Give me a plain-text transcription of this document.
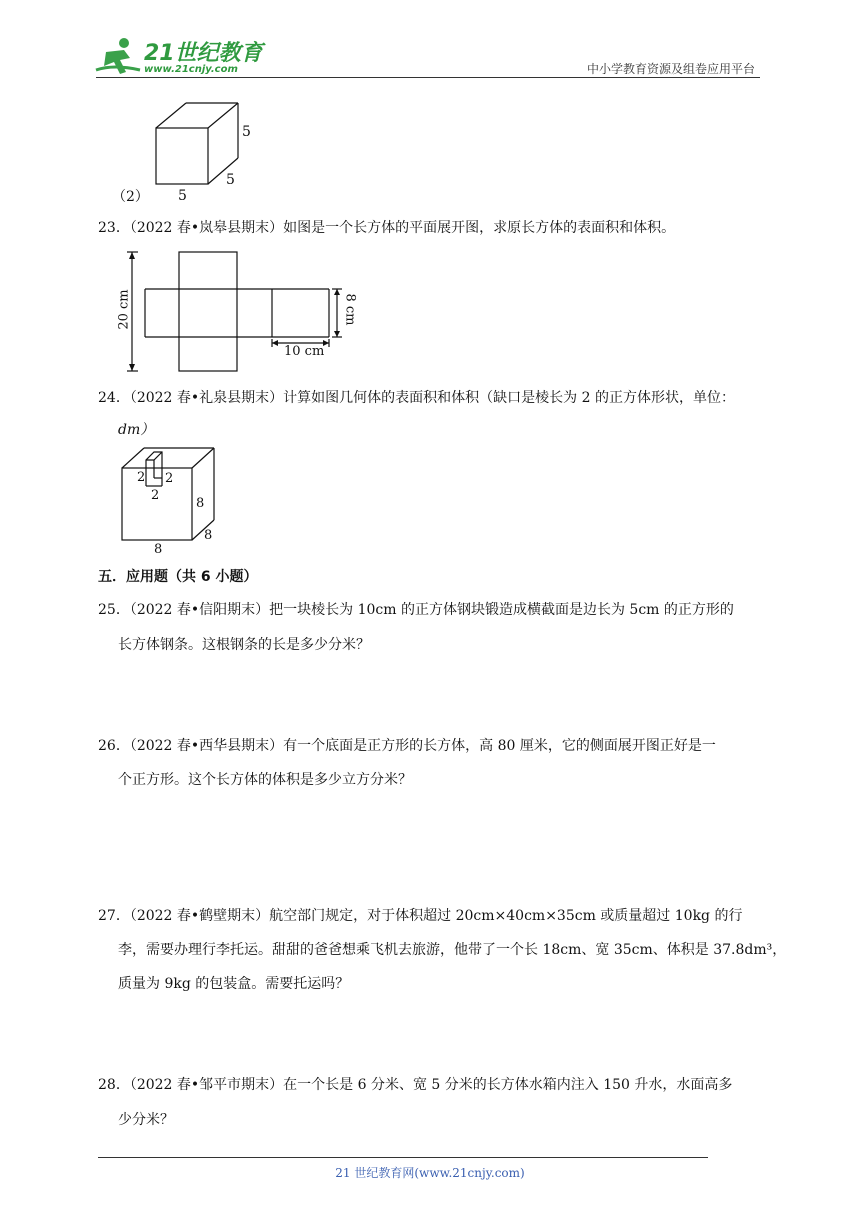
21世纪教育
www.21cnjy.com	中小学教育资源及组卷应用平台
（2）
5
5
5
23．（2022 春•岚皋县期末）如图是一个长方体的平面展开图，求原长方体的表面积和体积。
20 cm	8 cm
10 cm
24．（2022 春•礼泉县期末）计算如图几何体的表面积和体积（缺口是棱长为 2 的正方体形状，单位：
dm）
2 2
2
8
8
8
五．应用题（共 6 小题）
25．（2022 春•信阳期末）把一块棱长为 10cm 的正方体钢块锻造成横截面是边长为 5cm 的正方形的
长方体钢条。这根钢条的长是多少分米？
26．（2022 春•西华县期末）有一个底面是正方形的长方体，高 80 厘米，它的侧面展开图正好是一
个正方形。这个长方体的体积是多少立方分米？
27．（2022 春•鹤壁期末）航空部门规定，对于体积超过 20cm×40cm×35cm 或质量超过 10kg 的行
李，需要办理行李托运。甜甜的爸爸想乘飞机去旅游，他带了一个长 18cm、宽 35cm、体积是 37.8dm³，
质量为 9kg 的包装盒。需要托运吗？
28．（2022 春•邹平市期末）在一个长是 6 分米、宽 5 分米的长方体水箱内注入 150 升水，水面高多
少分米？
21 世纪教育网(www.21cnjy.com)
